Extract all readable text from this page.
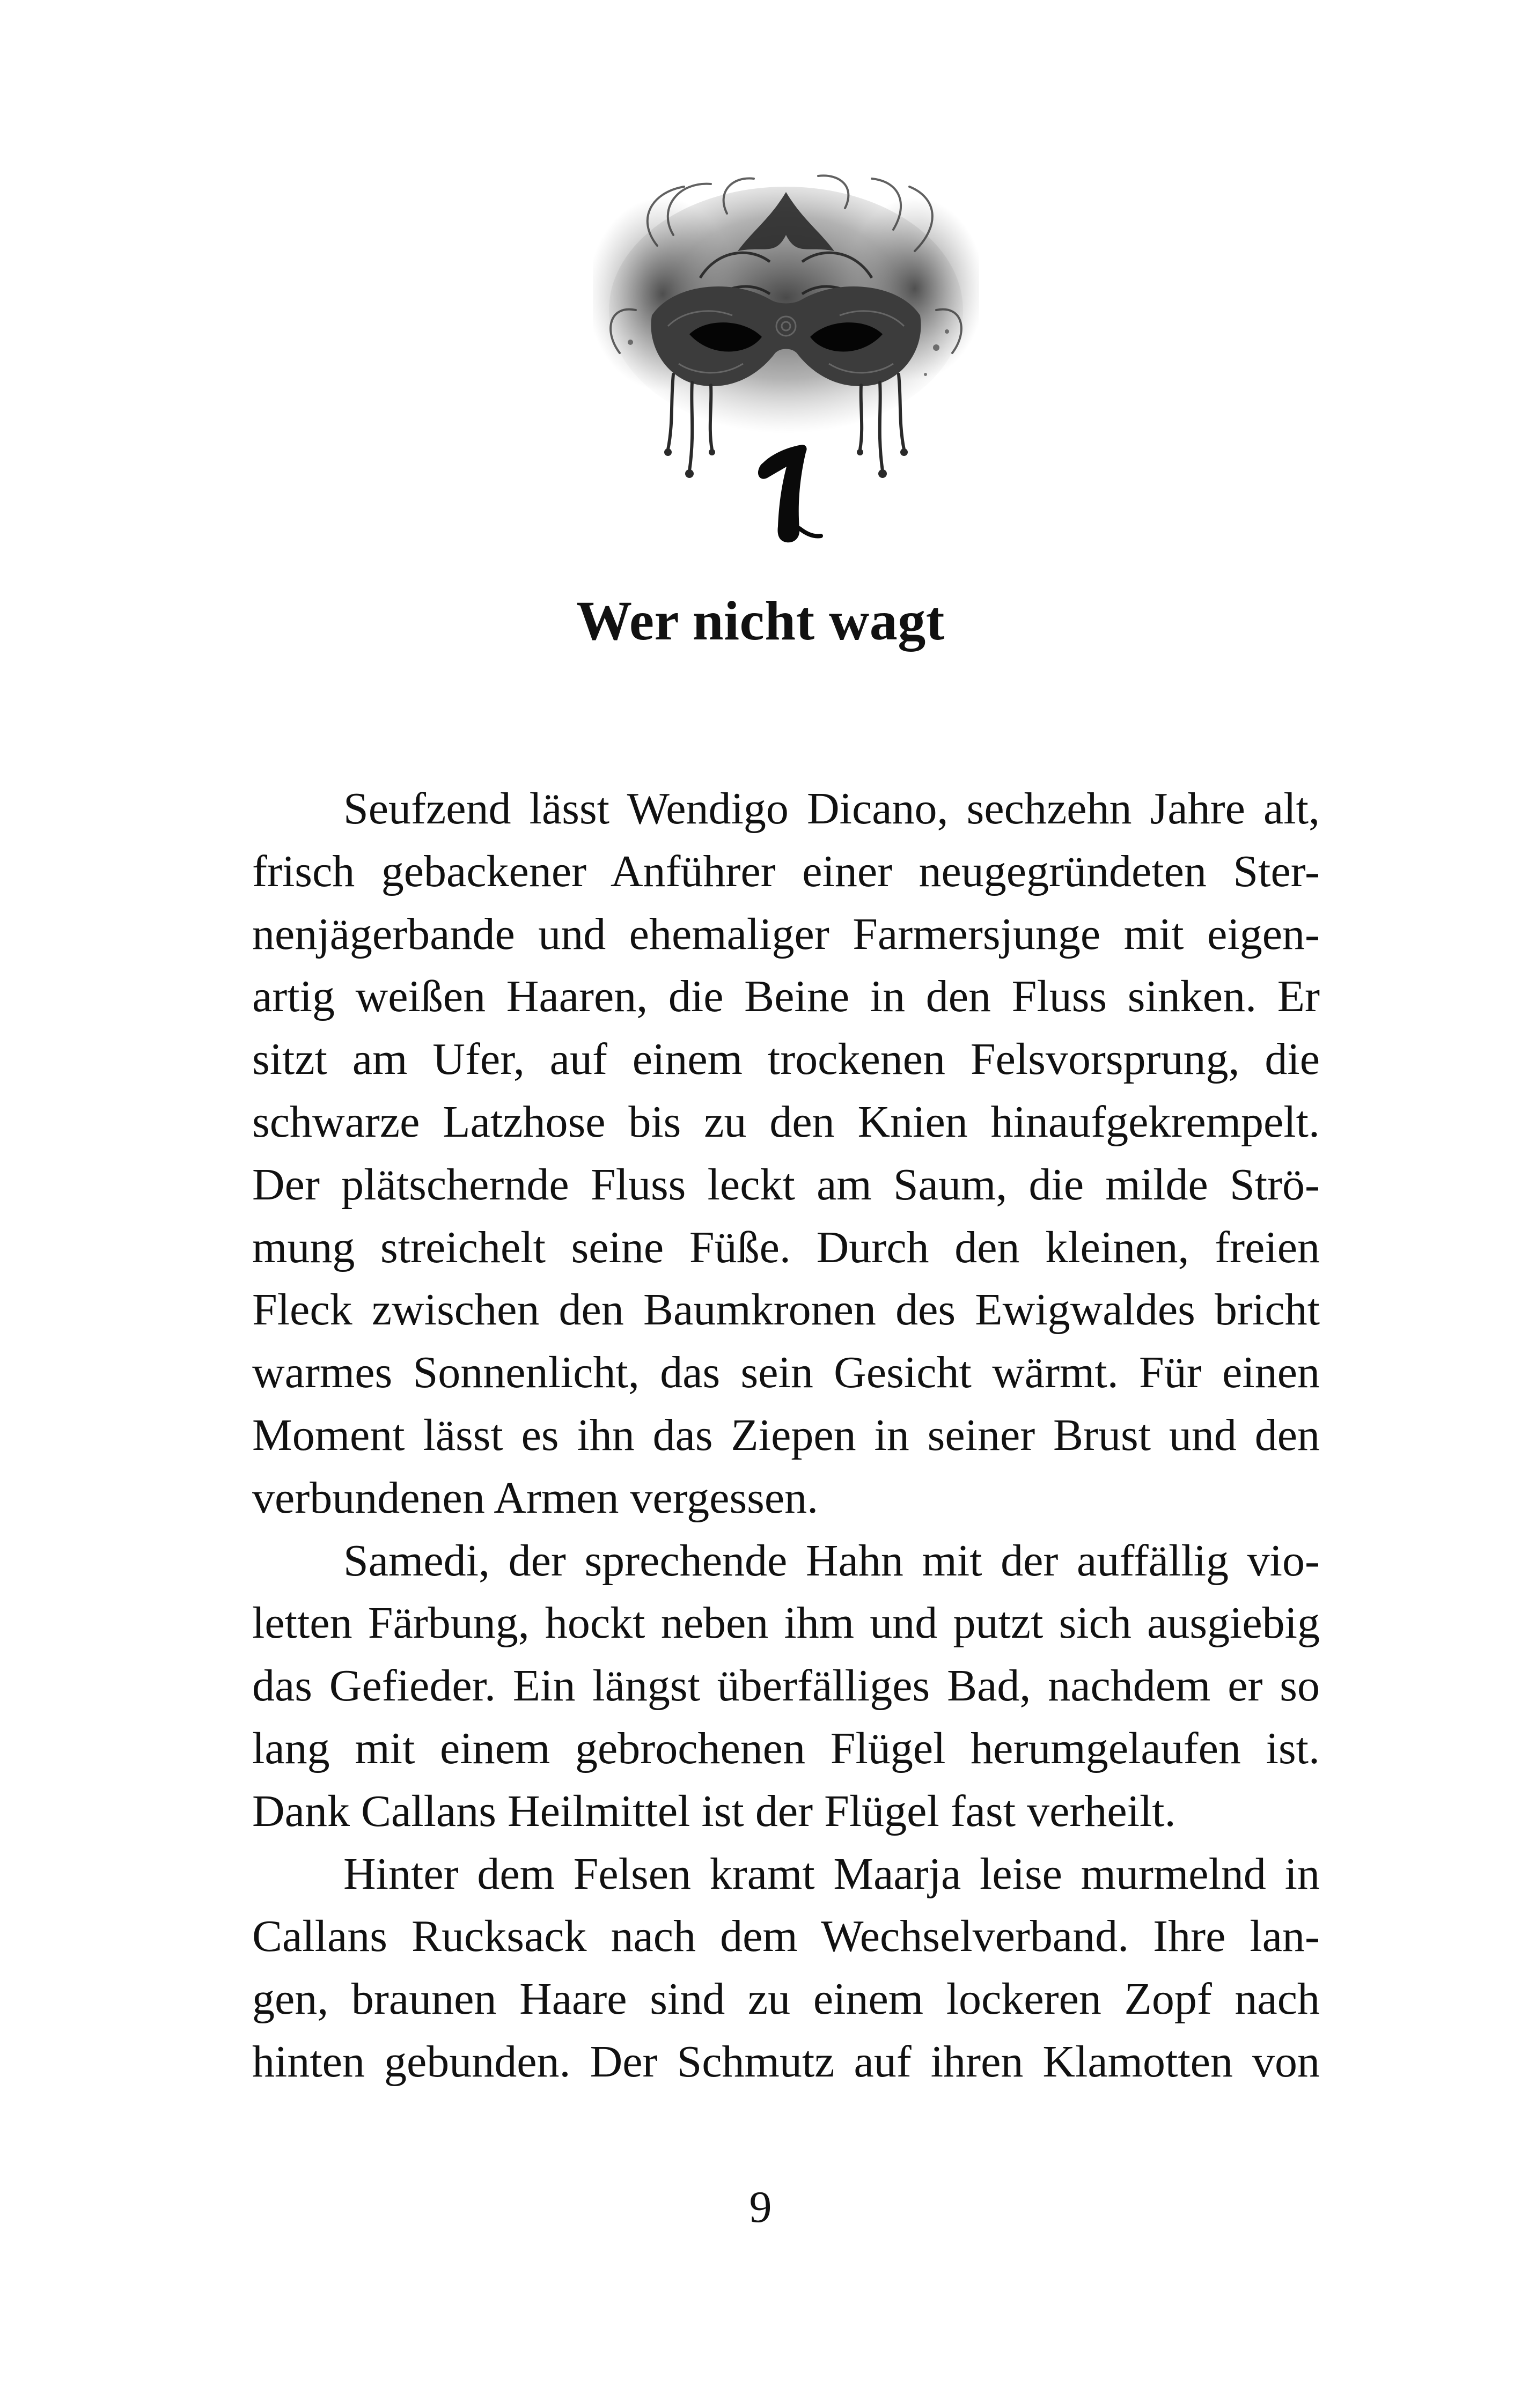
Wer nicht wagt

Seufzend lässt Wendigo Dicano, sechzehn Jahre alt,
frisch gebackener Anführer einer neugegründeten Ster-
nenjägerbande und ehemaliger Farmersjunge mit eigen-
artig weißen Haaren, die Beine in den Fluss sinken. Er
sitzt am Ufer, auf einem trockenen Felsvorsprung, die
schwarze Latzhose bis zu den Knien hinaufgekrempelt.
Der plätschernde Fluss leckt am Saum, die milde Strö-
mung streichelt seine Füße. Durch den kleinen, freien
Fleck zwischen den Baumkronen des Ewigwaldes bricht
warmes Sonnenlicht, das sein Gesicht wärmt. Für einen
Moment lässt es ihn das Ziepen in seiner Brust und den
verbundenen Armen vergessen.

Samedi, der sprechende Hahn mit der auffällig vio-
letten Färbung, hockt neben ihm und putzt sich ausgiebig
das Gefieder. Ein längst überfälliges Bad, nachdem er so
lang mit einem gebrochenen Flügel herumgelaufen ist.
Dank Callans Heilmittel ist der Flügel fast verheilt.

Hinter dem Felsen kramt Maarja leise murmelnd in
Callans Rucksack nach dem Wechselverband. Ihre lan-
gen, braunen Haare sind zu einem lockeren Zopf nach
hinten gebunden. Der Schmutz auf ihren Klamotten von

9
